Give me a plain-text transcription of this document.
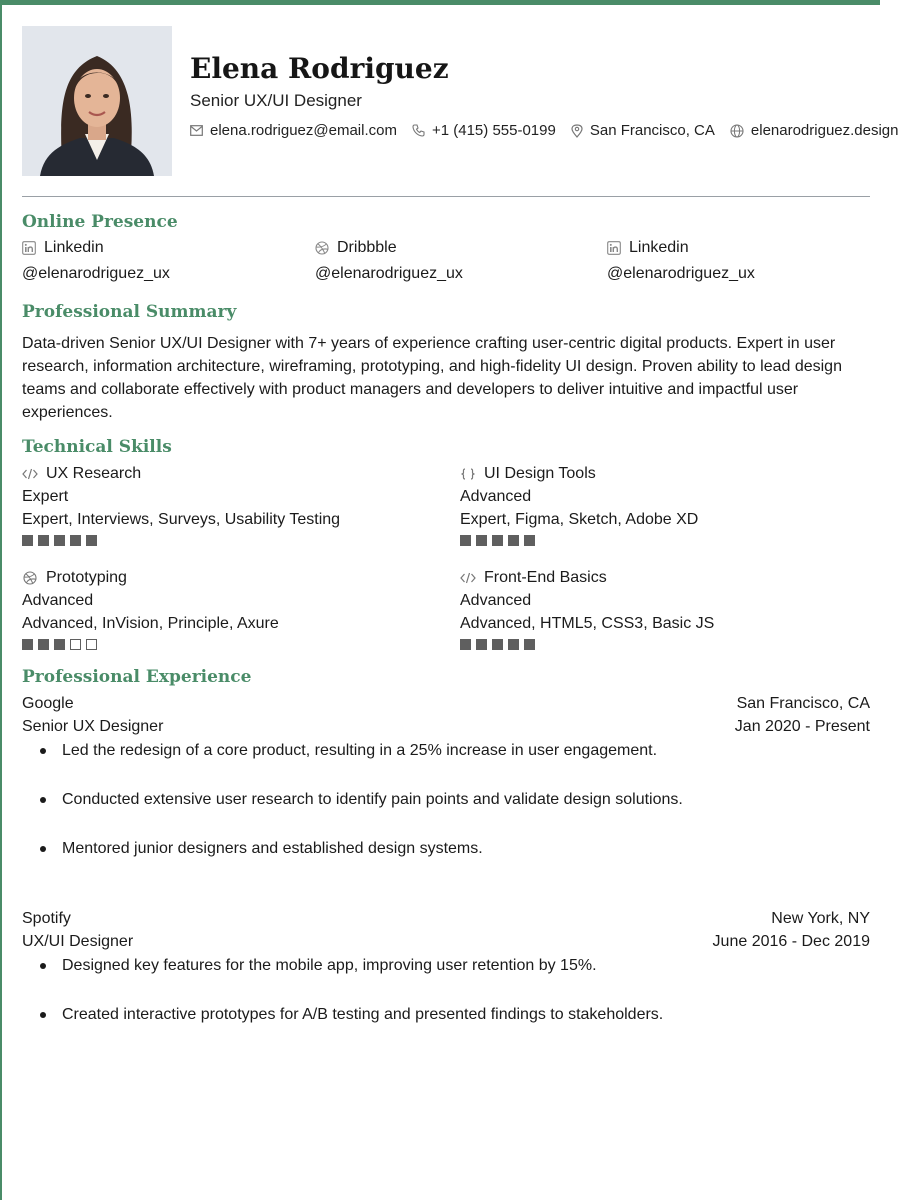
Elena Rodriguez
Senior UX/UI Designer
elena.rodriguez@email.com +1 (415) 555-0199 San Francisco, CA elenarodriguez.design
Online Presence
Linkedin
@elenarodriguez_ux
Dribbble
@elenarodriguez_ux
Linkedin
@elenarodriguez_ux
Professional Summary

Data-driven Senior UX/UI Designer with 7+ years of experience crafting user-centric digital products. Expert in user research, information architecture, wireframing, prototyping, and high-fidelity UI design. Proven ability to lead design teams and collaborate effectively with product managers and developers to deliver intuitive and impactful user experiences.

Technical Skills
UX Research
Expert
Expert, Interviews, Surveys, Usability Testing
UI Design Tools
Advanced
Expert, Figma, Sketch, Adobe XD
Prototyping
Advanced
Advanced, InVision, Principle, Axure
Front-End Basics
Advanced
Advanced, HTML5, CSS3, Basic JS
Professional Experience
Google	San Francisco, CA
Senior UX Designer	Jan 2020 - Present
Led the redesign of a core product, resulting in a 25% increase in user engagement.
Conducted extensive user research to identify pain points and validate design solutions.
Mentored junior designers and established design systems.
Spotify	New York, NY
UX/UI Designer	June 2016 - Dec 2019
Designed key features for the mobile app, improving user retention by 15%.
Created interactive prototypes for A/B testing and presented findings to stakeholders.
